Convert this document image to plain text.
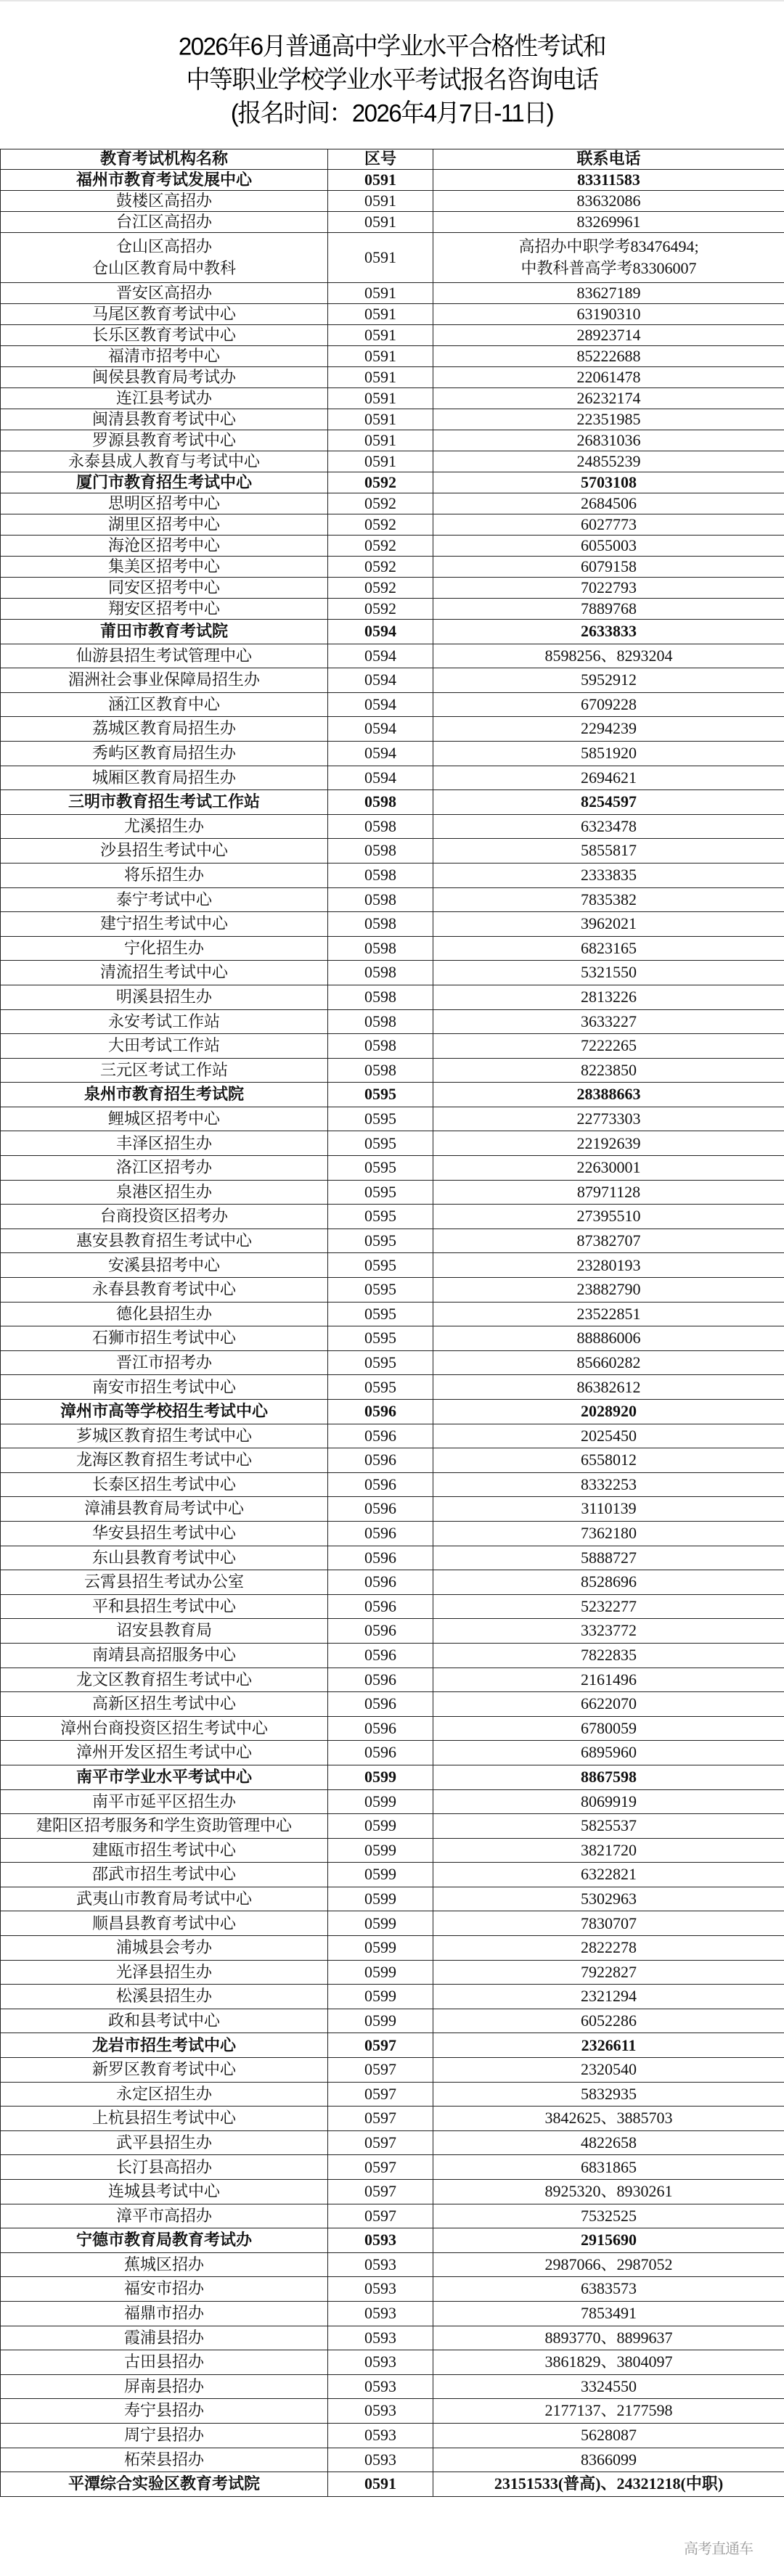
2026年6月普通高中学业水平合格性考试和
中等职业学校学业水平考试报名咨询电话
(报名时间：2026年4月7日-11日)
教育考试机构名称	区号	联系电话
福州市教育考试发展中心	0591	83311583
鼓楼区高招办	0591	83632086
台江区高招办	0591	83269961
仓山区高招办
仓山区教育局中教科	0591	高招办中职学考83476494;
中教科普高学考83306007
晋安区高招办	0591	83627189
马尾区教育考试中心	0591	63190310
长乐区教育考试中心	0591	28923714
福清市招考中心	0591	85222688
闽侯县教育局考试办	0591	22061478
连江县考试办	0591	26232174
闽清县教育考试中心	0591	22351985
罗源县教育考试中心	0591	26831036
永泰县成人教育与考试中心	0591	24855239
厦门市教育招生考试中心	0592	5703108
思明区招考中心	0592	2684506
湖里区招考中心	0592	6027773
海沧区招考中心	0592	6055003
集美区招考中心	0592	6079158
同安区招考中心	0592	7022793
翔安区招考中心	0592	7889768
莆田市教育考试院	0594	2633833
仙游县招生考试管理中心	0594	8598256、8293204
湄洲社会事业保障局招生办	0594	5952912
涵江区教育中心	0594	6709228
荔城区教育局招生办	0594	2294239
秀屿区教育局招生办	0594	5851920
城厢区教育局招生办	0594	2694621
三明市教育招生考试工作站	0598	8254597
尤溪招生办	0598	6323478
沙县招生考试中心	0598	5855817
将乐招生办	0598	2333835
泰宁考试中心	0598	7835382
建宁招生考试中心	0598	3962021
宁化招生办	0598	6823165
清流招生考试中心	0598	5321550
明溪县招生办	0598	2813226
永安考试工作站	0598	3633227
大田考试工作站	0598	7222265
三元区考试工作站	0598	8223850
泉州市教育招生考试院	0595	28388663
鲤城区招考中心	0595	22773303
丰泽区招生办	0595	22192639
洛江区招考办	0595	22630001
泉港区招生办	0595	87971128
台商投资区招考办	0595	27395510
惠安县教育招生考试中心	0595	87382707
安溪县招考中心	0595	23280193
永春县教育考试中心	0595	23882790
德化县招生办	0595	23522851
石狮市招生考试中心	0595	88886006
晋江市招考办	0595	85660282
南安市招生考试中心	0595	86382612
漳州市高等学校招生考试中心	0596	2028920
芗城区教育招生考试中心	0596	2025450
龙海区教育招生考试中心	0596	6558012
长泰区招生考试中心	0596	8332253
漳浦县教育局考试中心	0596	3110139
华安县招生考试中心	0596	7362180
东山县教育考试中心	0596	5888727
云霄县招生考试办公室	0596	8528696
平和县招生考试中心	0596	5232277
诏安县教育局	0596	3323772
南靖县高招服务中心	0596	7822835
龙文区教育招生考试中心	0596	2161496
高新区招生考试中心	0596	6622070
漳州台商投资区招生考试中心	0596	6780059
漳州开发区招生考试中心	0596	6895960
南平市学业水平考试中心	0599	8867598
南平市延平区招生办	0599	8069919
建阳区招考服务和学生资助管理中心	0599	5825537
建瓯市招生考试中心	0599	3821720
邵武市招生考试中心	0599	6322821
武夷山市教育局考试中心	0599	5302963
顺昌县教育考试中心	0599	7830707
浦城县会考办	0599	2822278
光泽县招生办	0599	7922827
松溪县招生办	0599	2321294
政和县考试中心	0599	6052286
龙岩市招生考试中心	0597	2326611
新罗区教育考试中心	0597	2320540
永定区招生办	0597	5832935
上杭县招生考试中心	0597	3842625、3885703
武平县招生办	0597	4822658
长汀县高招办	0597	6831865
连城县考试中心	0597	8925320、8930261
漳平市高招办	0597	7532525
宁德市教育局教育考试办	0593	2915690
蕉城区招办	0593	2987066、2987052
福安市招办	0593	6383573
福鼎市招办	0593	7853491
霞浦县招办	0593	8893770、8899637
古田县招办	0593	3861829、3804097
屏南县招办	0593	3324550
寿宁县招办	0593	2177137、2177598
周宁县招办	0593	5628087
柘荣县招办	0593	8366099
平潭综合实验区教育考试院	0591	23151533(普高)、24321218(中职)
高考直通车
